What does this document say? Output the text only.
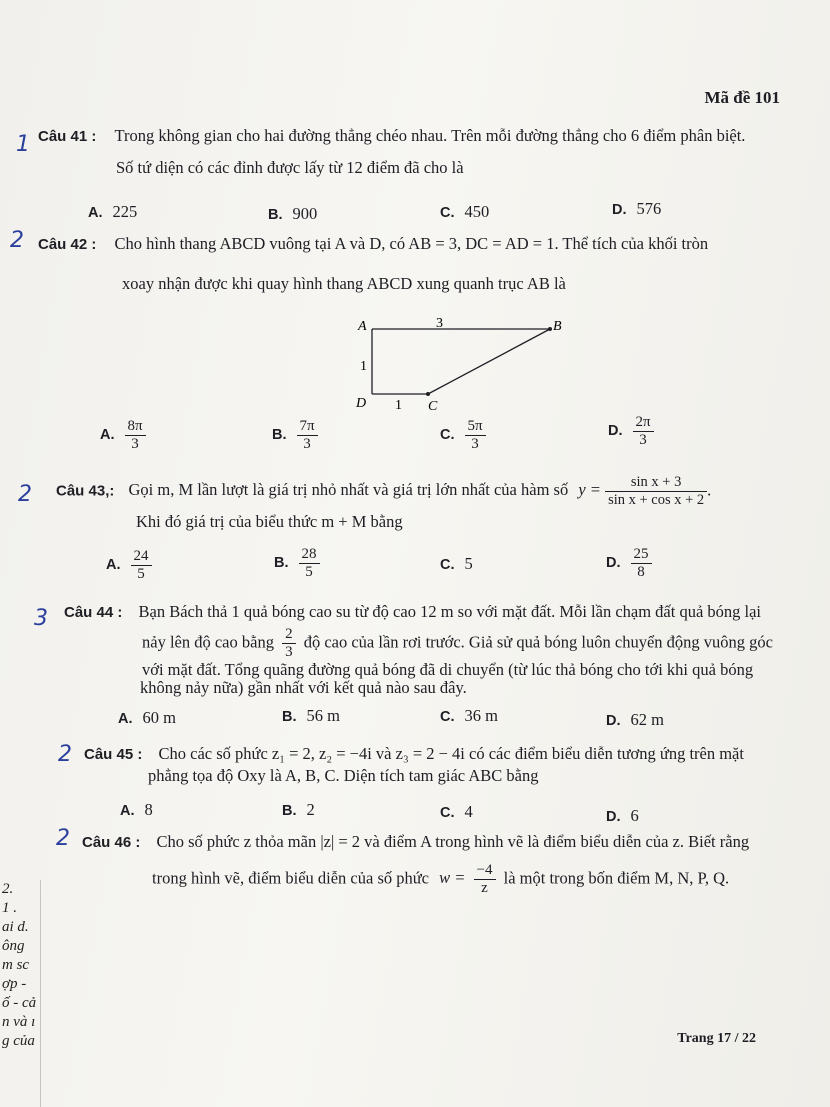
Mã đề 101
1
2
2
3
2
2
Câu 41 : Trong không gian cho hai đường thẳng chéo nhau. Trên mỗi đường thẳng cho 6 điểm phân biệt.
Số tứ diện có các đỉnh được lấy từ 12 điểm đã cho là
A. 225	B. 900	C. 450	D. 576
Câu 42 : Cho hình thang ABCD vuông tại A và D, có AB = 3, DC = AD = 1. Thể tích của khối tròn
xoay nhận được khi quay hình thang ABCD xung quanh trục AB là
A	B
C
D
3
1
1
A. $\frac{8\pi}{3}$	B. $\frac{7\pi}{3}$	C. $\frac{5\pi}{3}$	D. $\frac{2\pi}{3}$
Câu 43,: Gọi m, M lần lượt là giá trị nhỏ nhất và giá trị lớn nhất của hàm số $y = \frac{\text{sin x + 3}}{\text{sin x + cos x + 2}}$ .
Khi đó giá trị của biểu thức m + M bằng
A. $\frac{24}{5}$	B. $\frac{28}{5}$	C. 5	D. $\frac{25}{8}$
Câu 44 : Bạn Bách thả 1 quả bóng cao su từ độ cao 12 m so với mặt đất. Mỗi lần chạm đất quả bóng lại
nảy lên độ cao bằng $\frac{2}{3}$ độ cao của lần rơi trước. Giả sử quả bóng luôn chuyển động vuông góc
với mặt đất. Tổng quãng đường quả bóng đã di chuyển (từ lúc thả bóng cho tới khi quả bóng
không nảy nữa) gần nhất với kết quả nào sau đây.
A. 60 m	B. 56 m	C. 36 m	D. 62 m
Câu 45 : Cho các số phức z₁ = 2, z₂ = −4i và z₃ = 2 − 4i có các điểm biểu diễn tương ứng trên mặt
phẳng tọa độ Oxy là A, B, C. Diện tích tam giác ABC bằng
A. 8	B. 2	C. 4	D. 6
Câu 46 : Cho số phức z thỏa mãn |z| = 2 và điểm A trong hình vẽ là điểm biểu diễn của z. Biết rằng
trong hình vẽ, điểm biểu diễn của số phức $w = \frac{-4}{z}$ là một trong bốn điểm M, N, P, Q.
Trang 17 / 22
2.
1 .
ai d.
ông
m sc
ợp -
ố - cả
n và ı
g của
